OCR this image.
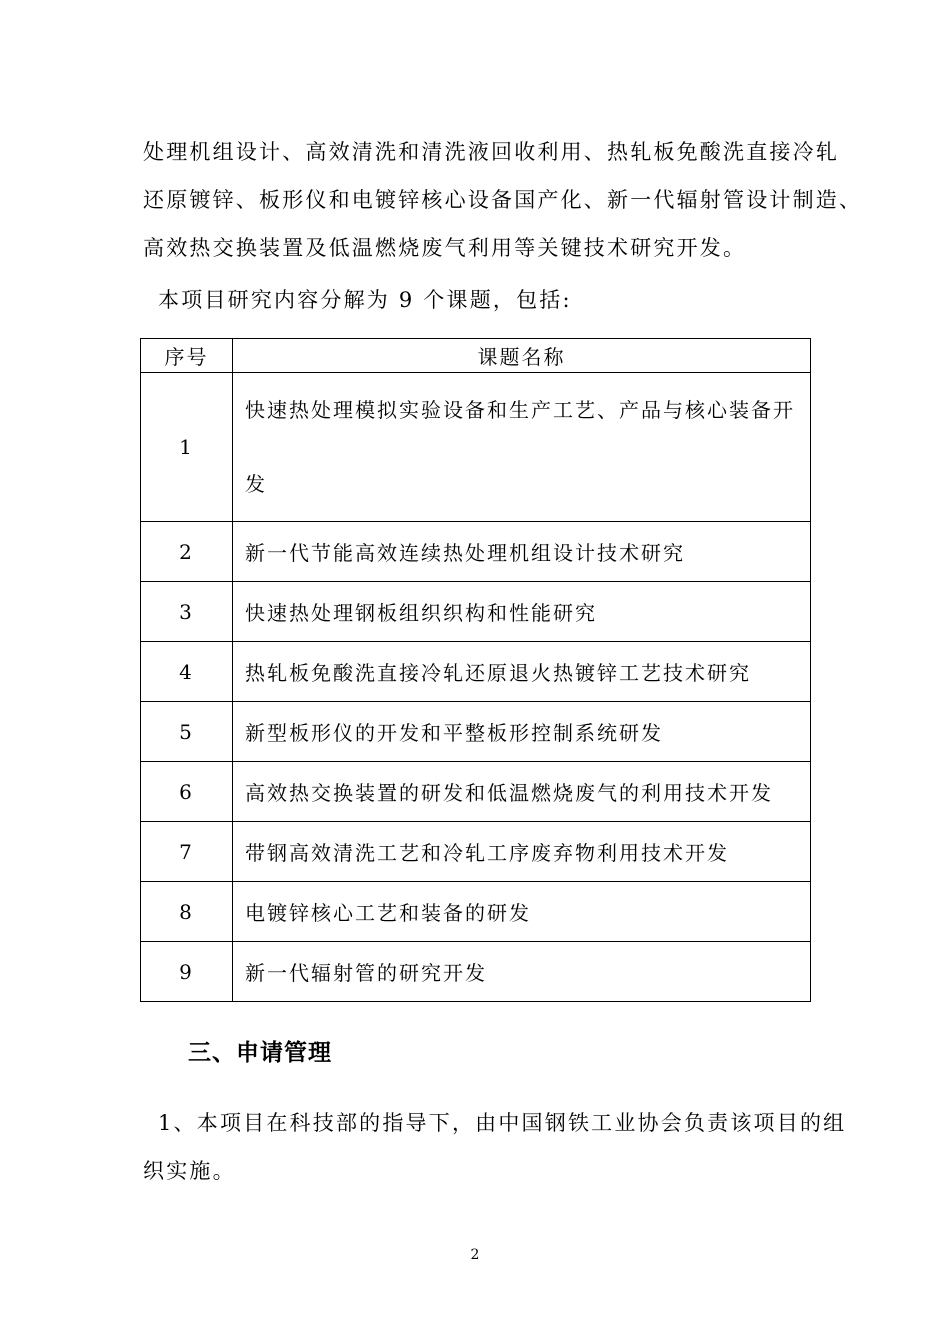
处理机组设计、高效清洗和清洗液回收利用、热轧板免酸洗直接冷轧
还原镀锌、板形仪和电镀锌核心设备国产化、新一代辐射管设计制造、
高效热交换装置及低温燃烧废气利用等关键技术研究开发。
本项目研究内容分解为 9 个课题，包括:
序号	课题名称
1	快速热处理模拟实验设备和生产工艺、产品与核心装备开
发
2	新一代节能高效连续热处理机组设计技术研究
3	快速热处理钢板组织织构和性能研究
4	热轧板免酸洗直接冷轧还原退火热镀锌工艺技术研究
5	新型板形仪的开发和平整板形控制系统研发
6	高效热交换装置的研发和低温燃烧废气的利用技术开发
7	带钢高效清洗工艺和冷轧工序废弃物利用技术开发
8	电镀锌核心工艺和装备的研发
9	新一代辐射管的研究开发
三、申请管理
1、本项目在科技部的指导下，由中国钢铁工业协会负责该项目的组
织实施。
2
